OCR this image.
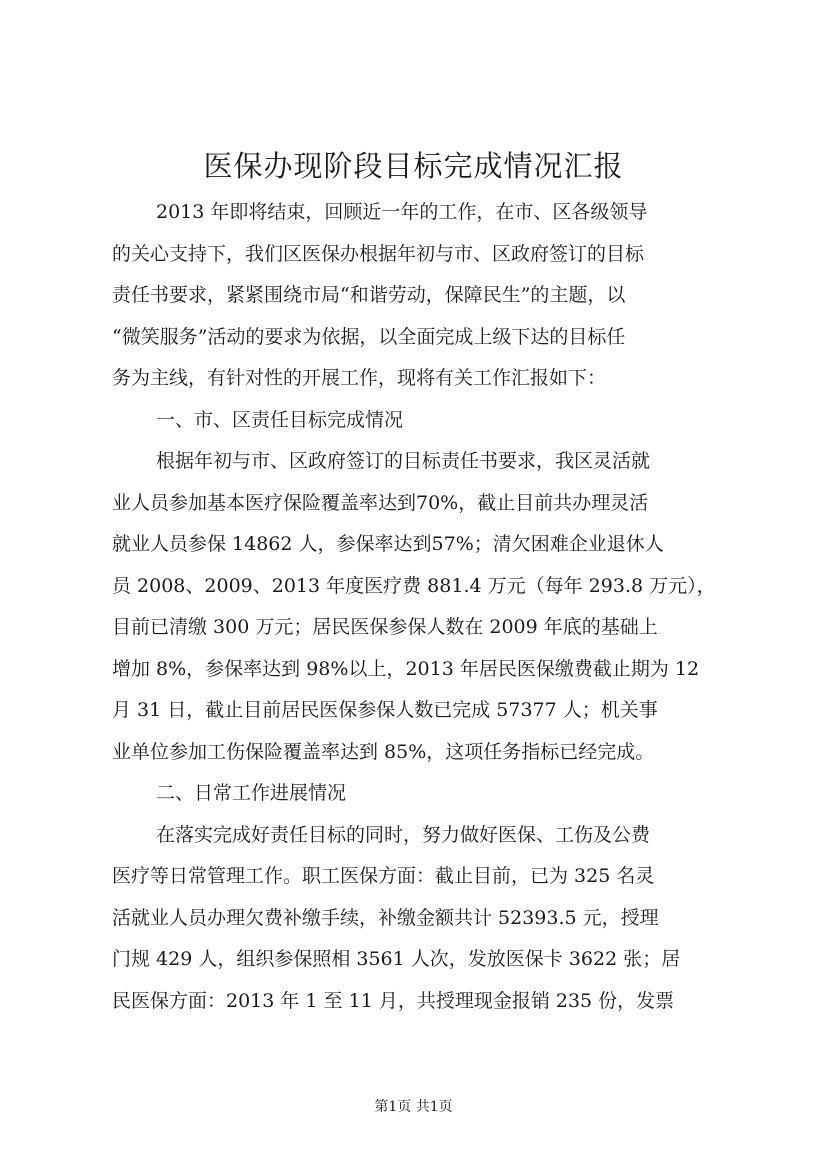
医保办现阶段目标完成情况汇报
2013 年即将结束，回顾近一年的工作，在市、区各级领导
的关心支持下，我们区医保办根据年初与市、区政府签订的目标
责任书要求，紧紧围绕市局“和谐劳动，保障民生”的主题，以
“微笑服务”活动的要求为依据，以全面完成上级下达的目标任
务为主线，有针对性的开展工作，现将有关工作汇报如下：
一、市、区责任目标完成情况
根据年初与市、区政府签订的目标责任书要求，我区灵活就
业人员参加基本医疗保险覆盖率达到70%，截止目前共办理灵活
就业人员参保 14862 人，参保率达到57%；清欠困难企业退休人
员 2008、2009、2013 年度医疗费 881.4 万元（每年 293.8 万元），
目前已清缴 300 万元；居民医保参保人数在 2009 年底的基础上
增加 8%，参保率达到 98%以上，2013 年居民医保缴费截止期为 12
月 31 日，截止目前居民医保参保人数已完成 57377 人；机关事
业单位参加工伤保险覆盖率达到 85%，这项任务指标已经完成。
二、日常工作进展情况
在落实完成好责任目标的同时，努力做好医保、工伤及公费
医疗等日常管理工作。职工医保方面：截止目前，已为 325 名灵
活就业人员办理欠费补缴手续，补缴金额共计 52393.5 元，授理
门规 429 人，组织参保照相 3561 人次，发放医保卡 3622 张；居
民医保方面：2013 年 1 至 11 月，共授理现金报销 235 份，发票
第1页 共1页
